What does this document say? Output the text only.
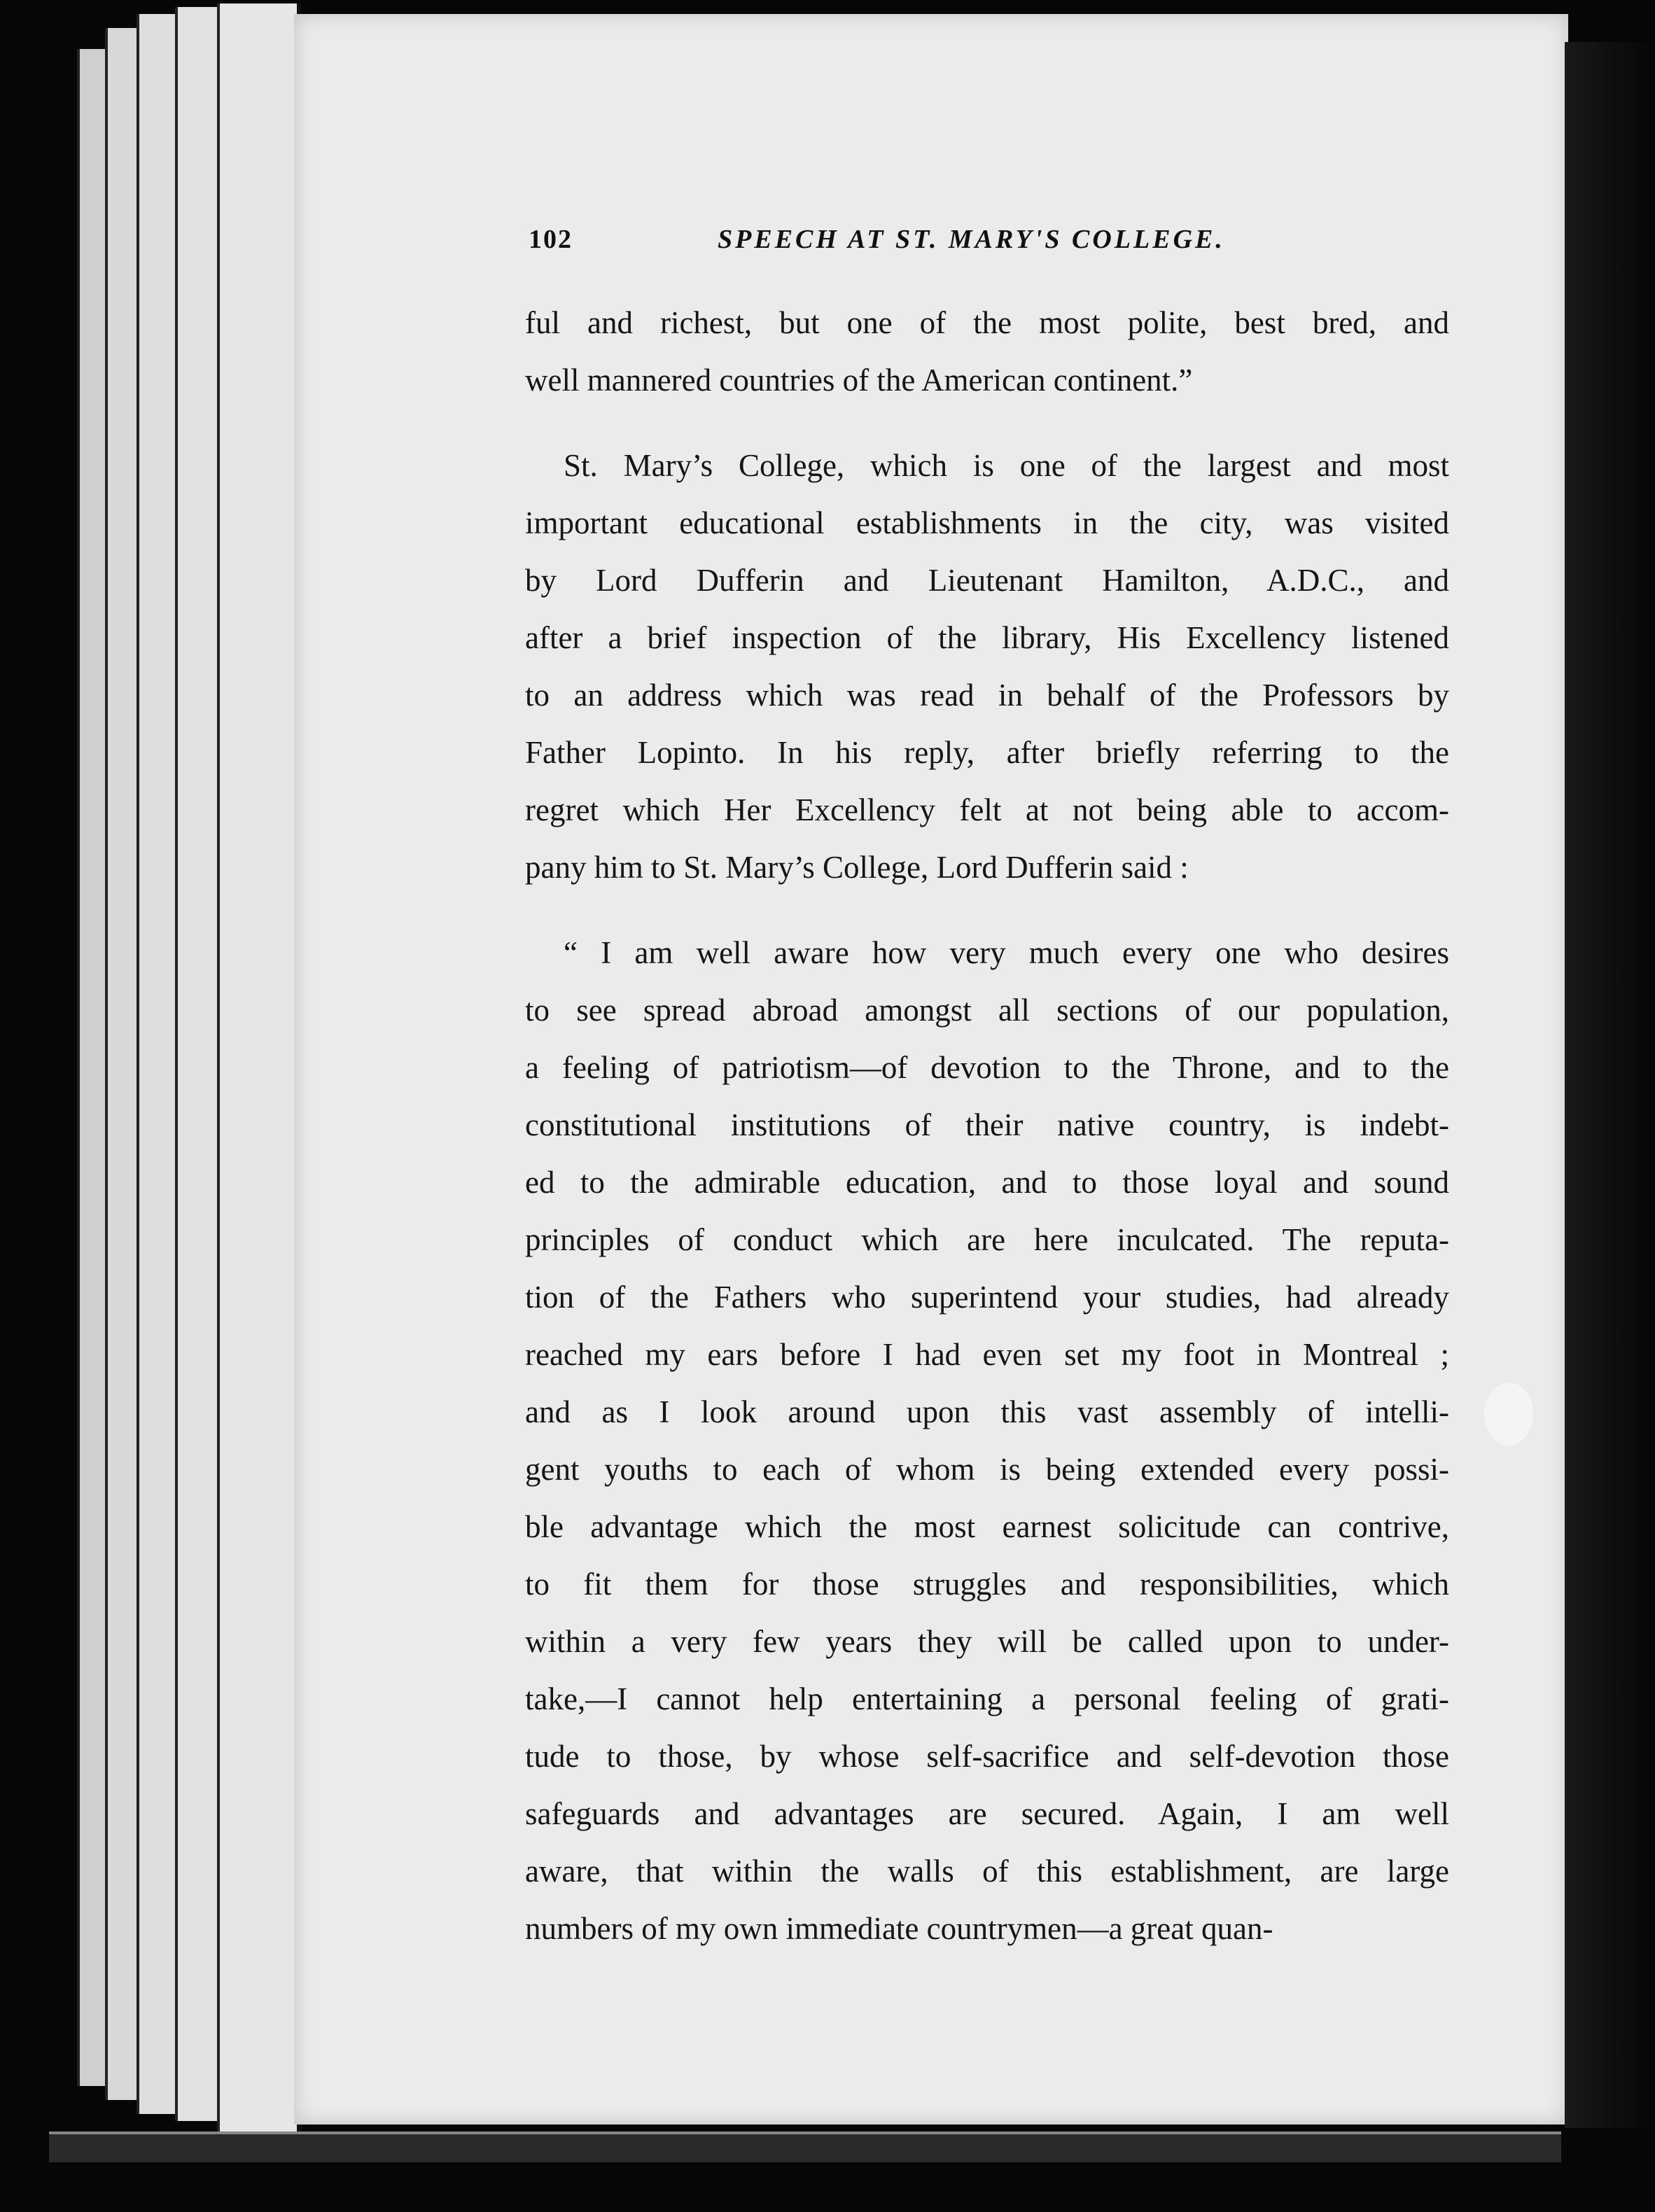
102	SPEECH AT ST. MARY'S COLLEGE.

ful and richest, but one of the most polite, best bred, and

well mannered countries of the American continent.”

St. Mary’s College, which is one of the largest and most

important educational establishments in the city, was visited

by Lord Dufferin and Lieutenant Hamilton, A.D.C., and

after a brief inspection of the library, His Excellency listened

to an address which was read in behalf of the Professors by

Father Lopinto. In his reply, after briefly referring to the

regret which Her Excellency felt at not being able to accom-

pany him to St. Mary’s College, Lord Dufferin said :

“ I am well aware how very much every one who desires

to see spread abroad amongst all sections of our population,

a feeling of patriotism—of devotion to the Throne, and to the

constitutional institutions of their native country, is indebt-

ed to the admirable education, and to those loyal and sound

principles of conduct which are here inculcated. The reputa-

tion of the Fathers who superintend your studies, had already

reached my ears before I had even set my foot in Montreal ;

and as I look around upon this vast assembly of intelli-

gent youths to each of whom is being extended every possi-

ble advantage which the most earnest solicitude can contrive,

to fit them for those struggles and responsibilities, which

within a very few years they will be called upon to under-

take,—I cannot help entertaining a personal feeling of grati-

tude to those, by whose self-sacrifice and self-devotion those

safeguards and advantages are secured. Again, I am well

aware, that within the walls of this establishment, are large

numbers of my own immediate countrymen—a great quan-
